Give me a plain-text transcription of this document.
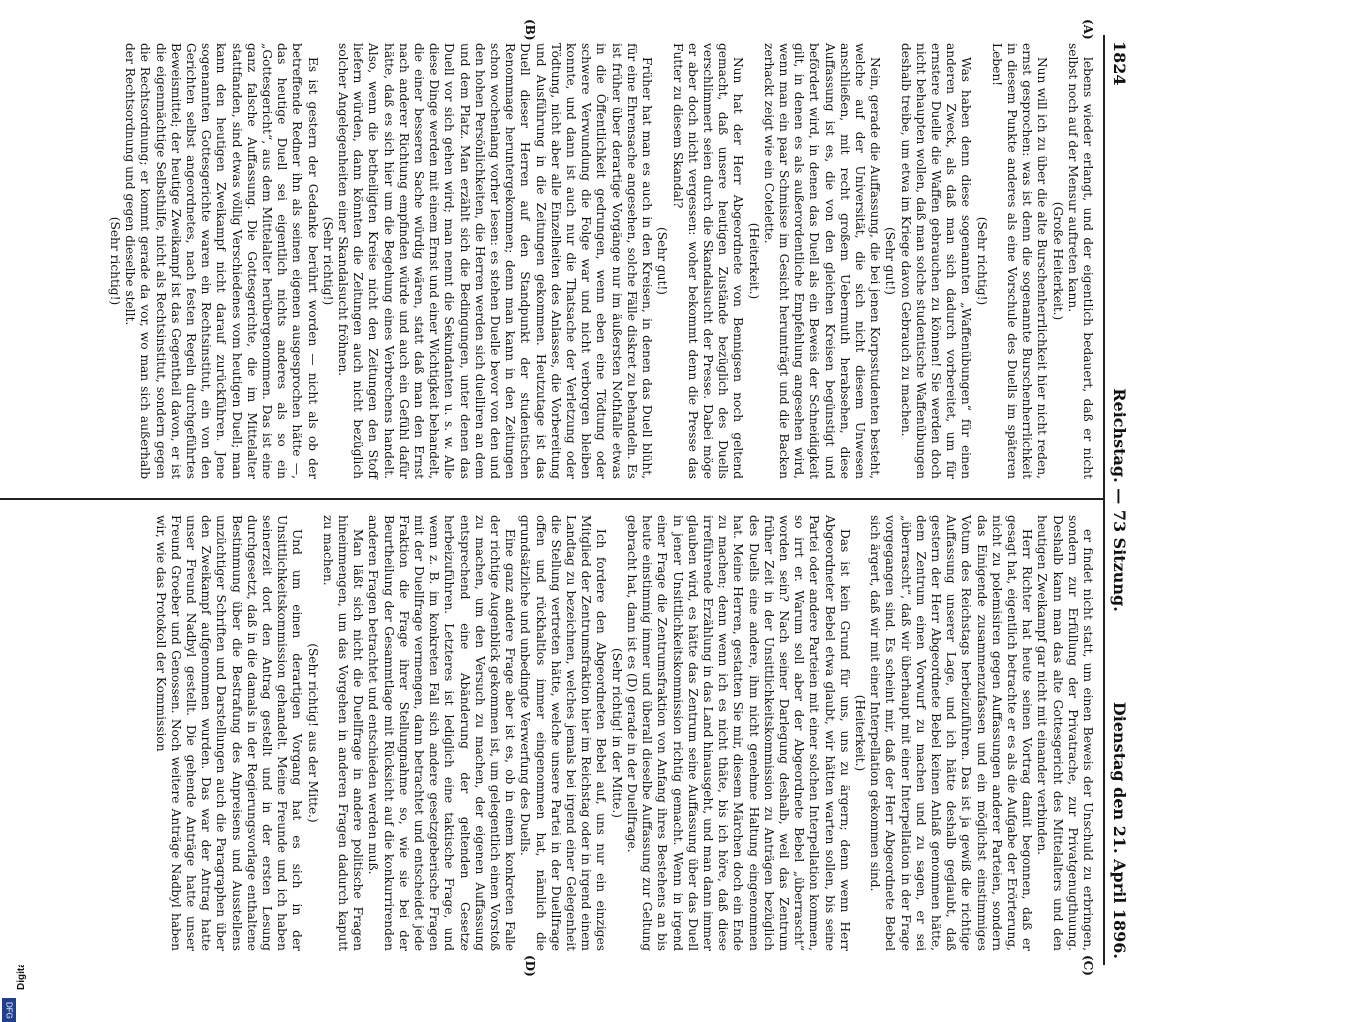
DFG
1824
Reichstag. — 73 Sitzung.
Dienstag den 21. April 1896.
(A)
(B)
(C)
(D)

lebens wieder erlangt, und der eigentlich bedauert, daß er nicht selbst noch auf der Mensur auftreten kann.

(Große Heiterkeit.)

Nun will ich zu über die alte Burschenherrlichkeit hier nicht reden, ernst gesprochen: was ist denn die sogenannte Burschenherrlichkeit in diesem Punkte anderes als eine Vorschule des Duells im späteren Leben!

(Sehr richtig!)

Was haben denn diese sogenannten „Waffenübungen“ für einen anderen Zweck, als daß man sich dadurch vorbereitet, um für ernstere Duelle die Waffen gebrauchen zu können! Sie werden doch nicht behaupten wollen, daß man solche studentische Waffenübungen deshalb treibe, um etwa im Kriege davon Gebrauch zu machen.

(Sehr gut!)

Nein, gerade die Auffassung, die bei jenen Korpsstudenten besteht, welche auf der Universität, die sich nicht diesem Unwesen anschließen, mit recht großem Uebermuth herabsehen, diese Auffassung ist es, die von den gleichen Kreisen begünstigt und befördert wird, in denen das Duell als ein Beweis der Schneidigkeit gilt, in denen es als außerordentliche Empfehlung angesehen wird, wenn man ein paar Schmisse im Gesicht herumträgt und die Backen zerhackt zeigt wie ein Cotelette.

(Heiterkeit.)

Nun hat der Herr Abgeordnete von Bennigsen noch geltend gemacht, daß unsere heutigen Zustände bezüglich des Duells verschlimmert seien durch die Skandalsucht der Presse. Dabei möge er aber doch nicht vergessen: woher bekommt denn die Presse das Futter zu diesem Skandal?

(Sehr gut!)

Früher hat man es auch in den Kreisen, in denen das Duell blüht, für eine Ehrensache angesehen, solche Fälle diskret zu behandeln. Es ist früher über derartige Vorgänge nur im äußersten Nothfalle etwas in die Öffentlichkeit gedrungen, wenn eben eine Tödtung oder schwere Verwundung die Folge war und nicht verborgen bleiben konnte, und dann ist auch nur die Thatsache der Verletzung oder Tödtung, nicht aber alle Einzelheiten des Anlasses, die Vorbereitung und Ausführung in die Zeitungen gekommen. Heutzutage ist das Duell dieser Herren auf den Standpunkt der studentischen Renommage heruntergekommen; denn man kann in den Zeitungen schon wochenlang vorher lesen: es stehen Duelle bevor von den und den hohen Persönlichkeiten, die Herren werden sich duelliren an dem und dem Platz. Man erzählt sich die Bedingungen, unter denen das Duell vor sich gehen wird; man nennt die Sekundanten u. s. w. Alle diese Dinge werden mit einem Ernst und einer Wichtigkeit behandelt, die einer besseren Sache würdig wären, statt daß man den Ernst nach anderer Richtung empfinden würde und auch ein Gefühl dafür hätte, daß es sich hier um die Begehung eines Verbrechens handelt. Also, wenn die betheiligten Kreise nicht den Zeitungen den Stoff liefern würden, dann könnten die Zeitungen auch nicht bezüglich solcher Angelegenheiten einer Skandalsucht fröhnen.

(Sehr richtig!)

Es ist gestern der Gedanke berührt worden — nicht als ob der betreffende Redner ihn als seinen eigenen ausgesprochen hätte —, das heutige Duell sei eigentlich nichts anderes als so ein „Gottesgericht“, aus dem Mittelalter herübergenommen. Das ist eine ganz falsche Auffassung. Die Gottesgerichte, die im Mittelalter stattfanden, sind etwas völlig Verschiedenes vom heutigen Duell; man kann den heutigen Zweikampf nicht darauf zurückführen. Jene sogenannten Gottesgerichte waren ein Rechtsinstitut, ein von den Gerichten selbst angeordnetes, nach festen Regeln durchgeführtes Beweismittel; der heutige Zweikampf ist das Gegentheil davon, er ist die eigenmächtige Selbsthilfe, nicht als Rechtsinstitut, sondern gegen die Rechtsordnung; er kommt gerade da vor, wo man sich außerhalb der Rechtsordnung und gegen dieselbe stellt.

(Sehr richtig!)

er findet nicht statt, um einen Beweis der Unschuld zu erbringen, sondern zur Erfüllung der Privatrache, zur Privatgenugthuung. Deshalb kann man das alte Gottesgericht des Mittelalters und den heutigen Zweikampf gar nicht mit einander verbinden.

Herr Richter hat heute seinen Vortrag damit begonnen, daß er gesagt hat, eigentlich betrachte er es als die Aufgabe der Erörterung, nicht zu polemisiren gegen Auffassungen anderer Parteien, sondern das Einigende zusammenzufassen und ein möglichst einstimmiges Votum des Reichstags herbeizuführen. Das ist ja gewiß die richtige Auffassung unserer Lage, und ich hätte deshalb geglaubt, daß gestern der Herr Abgeordnete Bebel keinen Anlaß genommen hätte, dem Zentrum einen Vorwurf zu machen und zu sagen, er sei „überrascht“, daß wir überhaupt mit einer Interpellation in der Frage vorgegangen sind. Es scheint mir, daß der Herr Abgeordnete Bebel sich ärgert, daß wir mit einer Interpellation gekommen sind.

(Heiterkeit.)

Das ist kein Grund für uns, uns zu ärgern; denn wenn Herr Abgeordneter Bebel etwa glaubt, wir hätten warten sollen, bis seine Partei oder andere Parteien mit einer solchen Interpellation kommen, so irrt er. Warum soll aber der Abgeordnete Bebel „überrascht“ worden sein? Nach seiner Darlegung deshalb, weil das Zentrum früher Zeit in der Unsittlichkeitskommission zu Anträgen bezüglich des Duells eine andere, ihm nicht genehme Haltung eingenommen hat. Meine Herren, gestatten Sie mir, diesem Märchen doch ein Ende zu machen; denn wenn ich es nicht thäte, bis ich höre, daß diese irreführende Erzählung in das Land hinausgeht, und man dann immer glauben wird, es hätte das Zentrum seine Auffassung über das Duell in jener Unsittlichkeitskommission richtig gemacht. Wenn in irgend einer Frage die Zentrumsfraktion von Anfang ihres Bestehens an bis heute einstimmig immer und überall dieselbe Auffassung zur Geltung gebracht hat, dann ist es (D) gerade in der Duellfrage.

(Sehr richtig! in der Mitte.)

Ich fordere den Abgeordneten Bebel auf, uns nur ein einziges Mitglied der Zentrumsfraktion hier im Reichstag oder in irgend einem Landtag zu bezeichnen, welches jemals bei irgend einer Gelegenheit die Stellung vertreten hätte, welche unsere Partei in der Duellfrage offen und rückhaltlos immer eingenommen hat, nämlich die grundsätzliche und unbedingte Verwerfung des Duells.

Eine ganz andere Frage aber ist es, ob in einem konkreten Falle der richtige Augenblick gekommen ist, um gelegentlich einen Vorstoß zu machen, um den Versuch zu machen, der eigenen Auffassung entsprechend eine Abänderung der geltenden Gesetze herbeizuführen. Letzteres ist lediglich eine taktische Frage, und wenn z. B. im konkreten Fall sich andere gesetzgeberische Fragen mit der Duellfrage vermengen, dann betrachtet und entscheidet jede Fraktion die Frage ihrer Stellungnahme so, wie sie bei der Beurtheilung der Gesammtlage mit Rücksicht auf die konkurrirenden anderen Fragen betrachtet und entschieden werden muß.

Man läßt sich nicht die Duellfrage in andere politische Fragen hineinmengen, um das Vorgehen in anderen Fragen dadurch kaputt zu machen.

(Sehr richtig! aus der Mitte.)

Und um einen derartigen Vorgang hat es sich in der Unsittlichkeitskommission gehandelt. Meine Freunde und ich haben seinerzeit dort den Antrag gestellt und in der ersten Lesung durchgesetzt, daß in die damals in der Regierungsvorlage enthaltene Bestimmung über die Bestrafung des Anpreisens und Ausstellens unzüchtiger Schriften und Darstellungen auch die Paragraphen über den Zweikampf aufgenommen wurden. Das war der Antrag hatte unser Freund Nadbyl gestellt. Die gehende Anträge hatte unser Freund Groeber und Genossen. Noch weitere Anträge Nadbyl haben wir, wie das Protokoll der Kommission
